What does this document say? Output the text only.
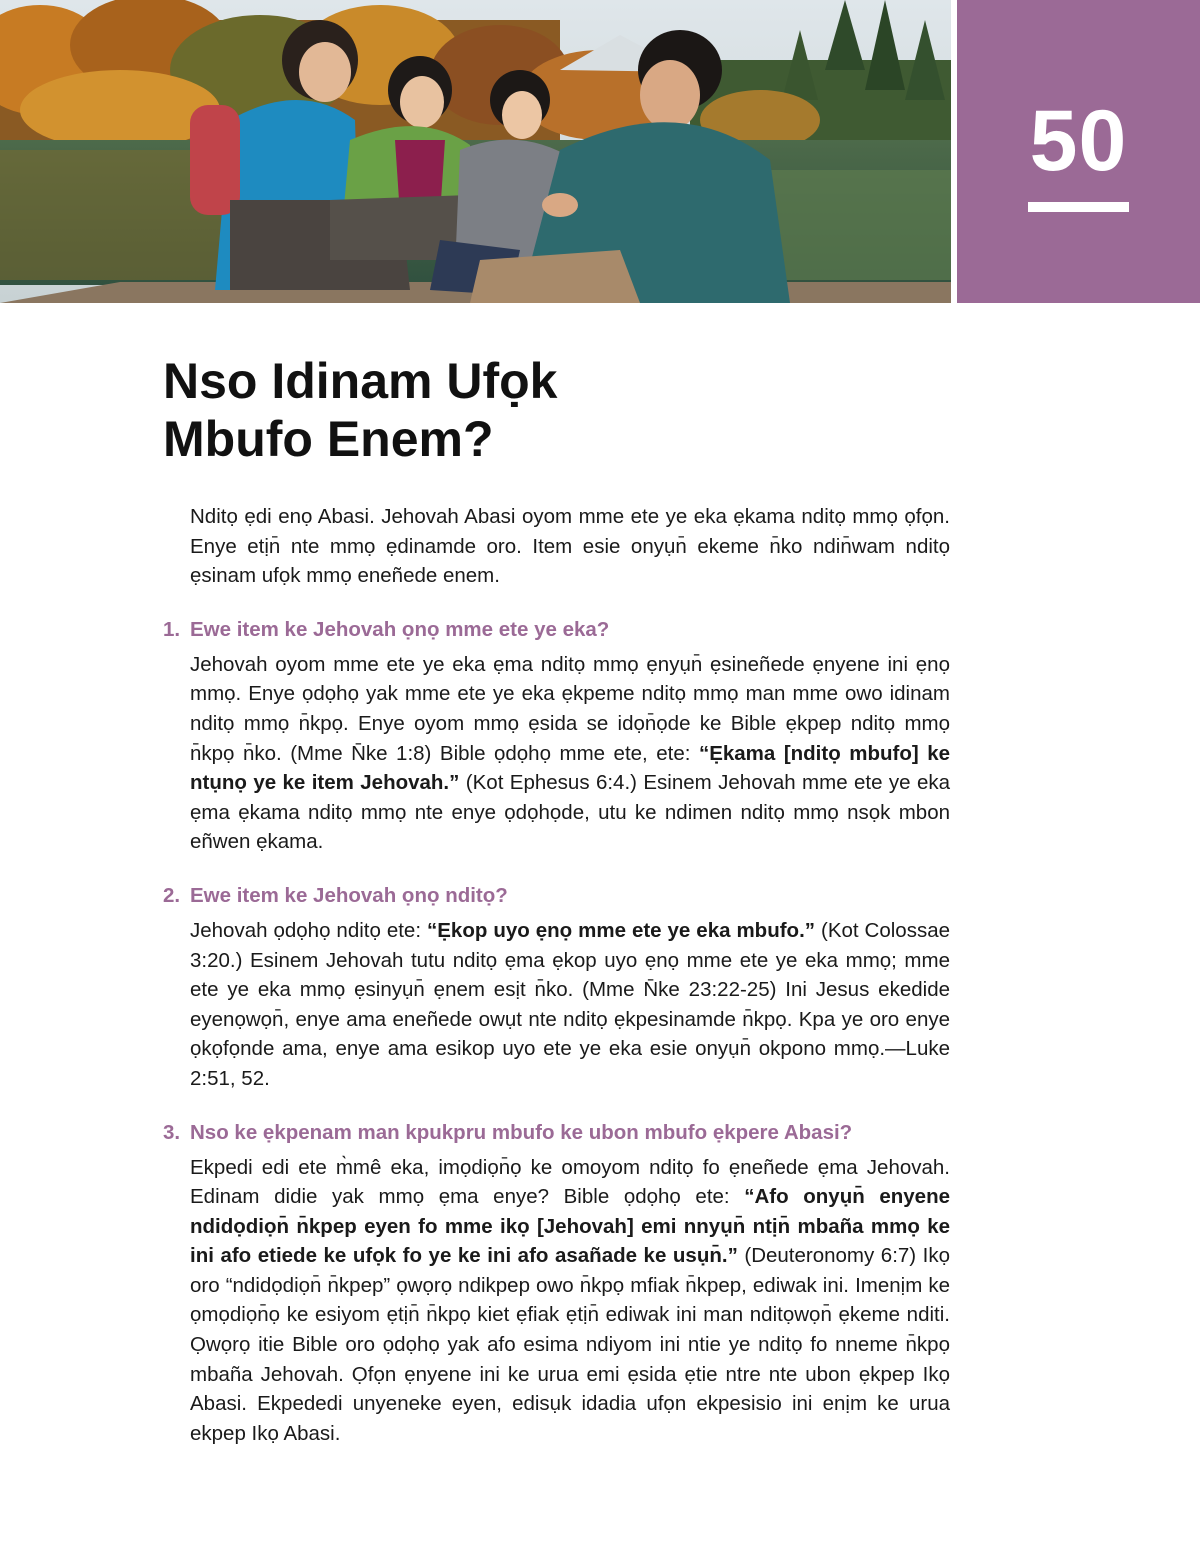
50
Nso Idinam Ufọk
Mbufo Enem?

Nditọ ẹdi enọ Abasi. Jehovah Abasi oyom mme ete ye eka ẹkama nditọ mmọ ọfọn. Enye etịn̄ nte mmọ ẹdinamde oro. Item esie onyụn̄ ekeme n̄ko ndin̄wam nditọ ẹsinam ufọk mmọ eneñede enem.

1. Ewe item ke Jehovah ọnọ mme ete ye eka?

Jehovah oyom mme ete ye eka ẹma nditọ mmọ ẹnyụn̄ ẹsineñede ẹnyene ini ẹnọ mmọ. Enye ọdọhọ yak mme ete ye eka ẹkpeme nditọ mmọ man mme owo idinam nditọ mmọ n̄kpọ. Enye oyom mmọ ẹsida se idọn̄ọde ke Bible ẹkpep nditọ mmọ n̄kpọ n̄ko. (Mme N̄ke 1:8) Bible ọdọhọ mme ete, ete: “Ẹkama [nditọ mbufo] ke ntụnọ ye ke item Jehovah.” (Kot Ephesus 6:4.) Esinem Jehovah mme ete ye eka ẹma ẹkama nditọ mmọ nte enye ọdọhọde, utu ke ndimen nditọ mmọ nsọk mbon eñwen ẹkama.

2. Ewe item ke Jehovah ọnọ nditọ?

Jehovah ọdọhọ nditọ ete: “Ẹkop uyo ẹnọ mme ete ye eka mbufo.” (Kot Colossae 3:20.) Esinem Jehovah tutu nditọ ẹma ẹkop uyo ẹnọ mme ete ye eka mmọ; mme ete ye eka mmọ ẹsinyụn̄ ẹnem esịt n̄ko. (Mme N̄ke 23:22-25) Ini Jesus ekedide eyenọwọn̄, enye ama eneñede owụt nte nditọ ẹkpesinamde n̄kpọ. Kpa ye oro enye ọkọfọnde ama, enye ama esikop uyo ete ye eka esie onyụn̄ okpono mmọ.—Luke 2:51, 52.

3. Nso ke ẹkpenam man kpukpru mbufo ke ubon mbufo ẹkpere Abasi?

Ekpedi edi ete m̀mê eka, imọdiọn̄ọ ke omoyom nditọ fo ẹneñede ẹma Jehovah. Edinam didie yak mmọ ẹma enye? Bible ọdọhọ ete: “Afo onyụn̄ enyene ndidọdiọn̄ n̄kpep eyen fo mme ikọ [Jehovah] emi nnyụn̄ ntịn̄ mbaña mmọ ke ini afo etiede ke ufọk fo ye ke ini afo asañade ke usụn̄.” (Deuteronomy 6:7) Ikọ oro “ndidọdiọn̄ n̄kpep” ọwọrọ ndikpep owo n̄kpọ mfiak n̄kpep, ediwak ini. Imenịm ke ọmọdiọn̄ọ ke esiyom ẹtịn̄ n̄kpọ kiet ẹfiak ẹtịn̄ ediwak ini man nditọwọn̄ ẹkeme nditi. Ọwọrọ itie Bible oro ọdọhọ yak afo esima ndiyom ini ntie ye nditọ fo nneme n̄kpọ mbaña Jehovah. Ọfọn ẹnyene ini ke urua emi ẹsida ẹtie ntre nte ubon ẹkpep Ikọ Abasi. Ekpededi unyeneke eyen, edisụk idadia ufọn ekpesisio ini enịm ke urua ekpep Ikọ Abasi.
